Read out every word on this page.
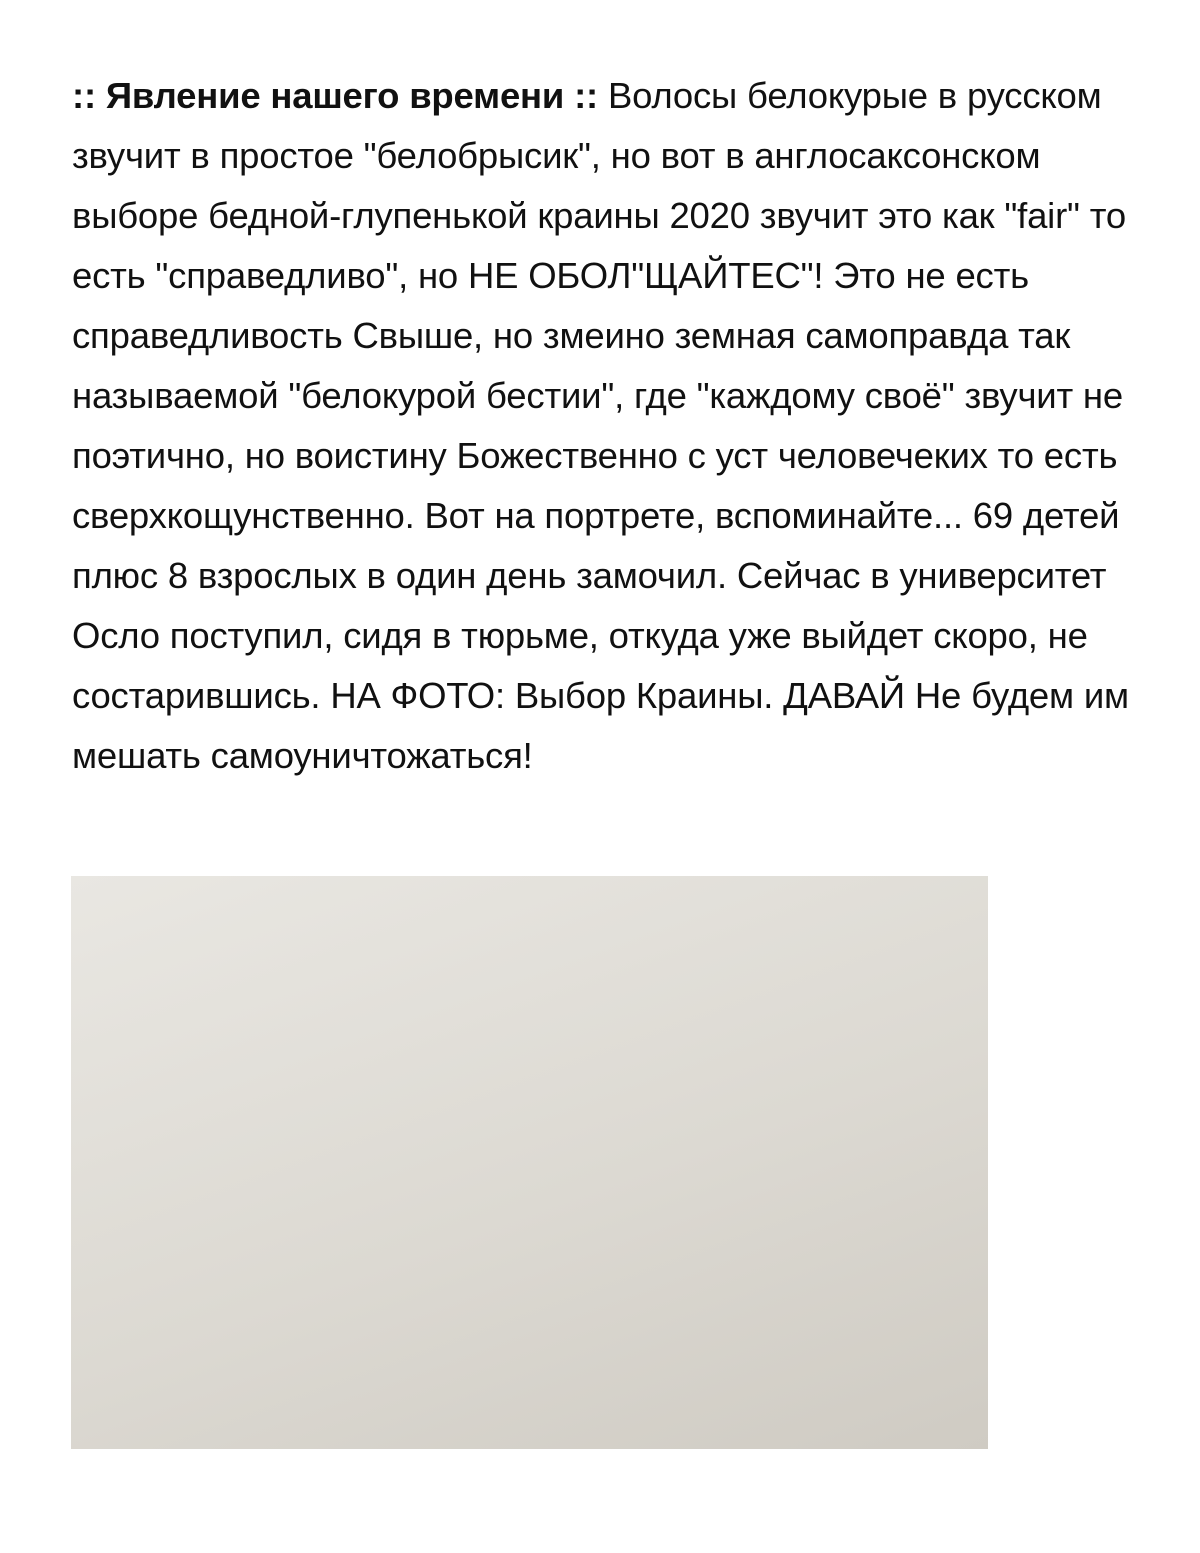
:: Явление нашего времени :: Волосы белокурые в русском звучит в простое "белобрысик", но вот в англосаксонском выборе бедной-глупенькой краины 2020 звучит это как "fair" то есть "справедливо", но НЕ ОБОЛ"ЩАЙТЕС"! Это не есть справедливость Свыше, но змеино земная самоправда так называемой "белокурой бестии", где "каждому своё" звучит не поэтично, но воистину Божественно с уст человечеких то есть сверхкощунственно. Вот на портрете, вспоминайте... 69 детей плюс 8 взрослых в один день замочил. Сейчас в университет Осло поступил, сидя в тюрьме, откуда уже выйдет скоро, не состарившись. НА ФОТО: Выбор Краины. ДАВАЙ Не будем им мешать самоуничтожаться!
